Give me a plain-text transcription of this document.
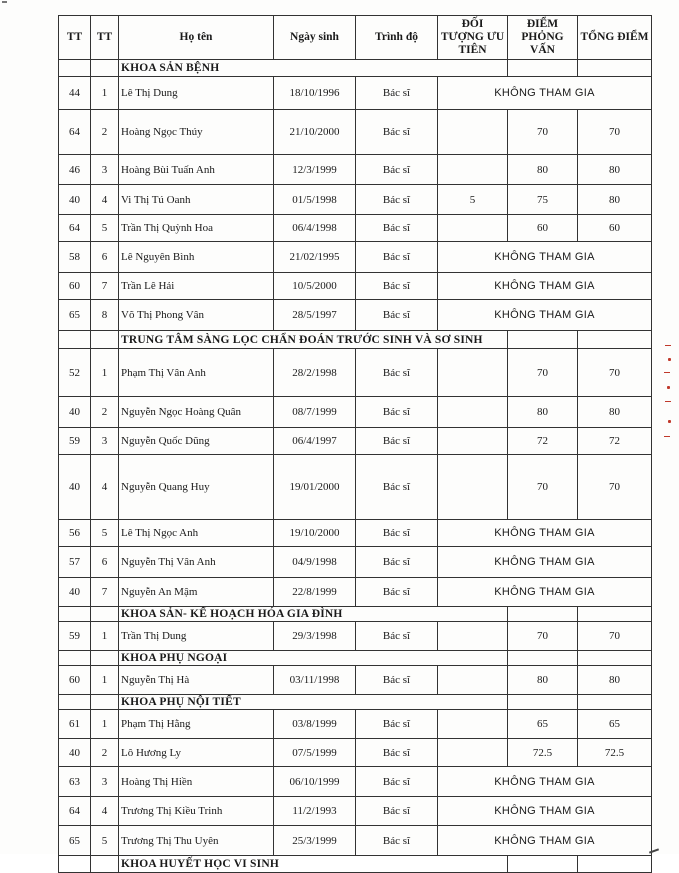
TT	TT	Họ tên	Ngày sinh	Trình độ	ĐỐI TƯỢNG ƯU TIÊN	ĐIỂM PHỎNG VẤN	TỔNG ĐIỂM
		KHOA SẢN BỆNH					
44	1	Lê Thị Dung	18/10/1996	Bác sĩ	KHÔNG THAM GIA		
64	2	Hoàng Ngọc Thúy	21/10/2000	Bác sĩ		70	70
46	3	Hoàng Bùi Tuấn Anh	12/3/1999	Bác sĩ		80	80
40	4	Vi Thị Tú Oanh	01/5/1998	Bác sĩ	5	75	80
64	5	Trần Thị Quỳnh Hoa	06/4/1998	Bác sĩ		60	60
58	6	Lê Nguyên Bình	21/02/1995	Bác sĩ	KHÔNG THAM GIA		
60	7	Trần Lê Hải	10/5/2000	Bác sĩ	KHÔNG THAM GIA		
65	8	Võ Thị Phong Vân	28/5/1997	Bác sĩ	KHÔNG THAM GIA		
		TRUNG TÂM SÀNG LỌC CHẨN ĐOÁN TRƯỚC SINH VÀ SƠ SINH					
52	1	Phạm Thị Vân Anh	28/2/1998	Bác sĩ		70	70
40	2	Nguyễn Ngọc Hoàng Quân	08/7/1999	Bác sĩ		80	80
59	3	Nguyễn Quốc Dũng	06/4/1997	Bác sĩ		72	72
40	4	Nguyễn Quang Huy	19/01/2000	Bác sĩ		70	70
56	5	Lê Thị Ngọc Anh	19/10/2000	Bác sĩ	KHÔNG THAM GIA		
57	6	Nguyễn Thị Vân Anh	04/9/1998	Bác sĩ	KHÔNG THAM GIA		
40	7	Nguyễn An Mậm	22/8/1999	Bác sĩ	KHÔNG THAM GIA		
		KHOA SẢN- KẾ HOẠCH HÓA GIA ĐÌNH					
59	1	Trần Thị Dung	29/3/1998	Bác sĩ		70	70
		KHOA PHỤ NGOẠI					
60	1	Nguyễn Thị Hà	03/11/1998	Bác sĩ		80	80
		KHOA PHỤ NỘI TIẾT					
61	1	Phạm Thị Hằng	03/8/1999	Bác sĩ		65	65
40	2	Lô Hương Ly	07/5/1999	Bác sĩ		72.5	72.5
63	3	Hoàng Thị Hiền	06/10/1999	Bác sĩ	KHÔNG THAM GIA		
64	4	Trương Thị Kiều Trinh	11/2/1993	Bác sĩ	KHÔNG THAM GIA		
65	5	Trương Thị Thu Uyên	25/3/1999	Bác sĩ	KHÔNG THAM GIA		
		KHOA HUYẾT HỌC VI SINH					
